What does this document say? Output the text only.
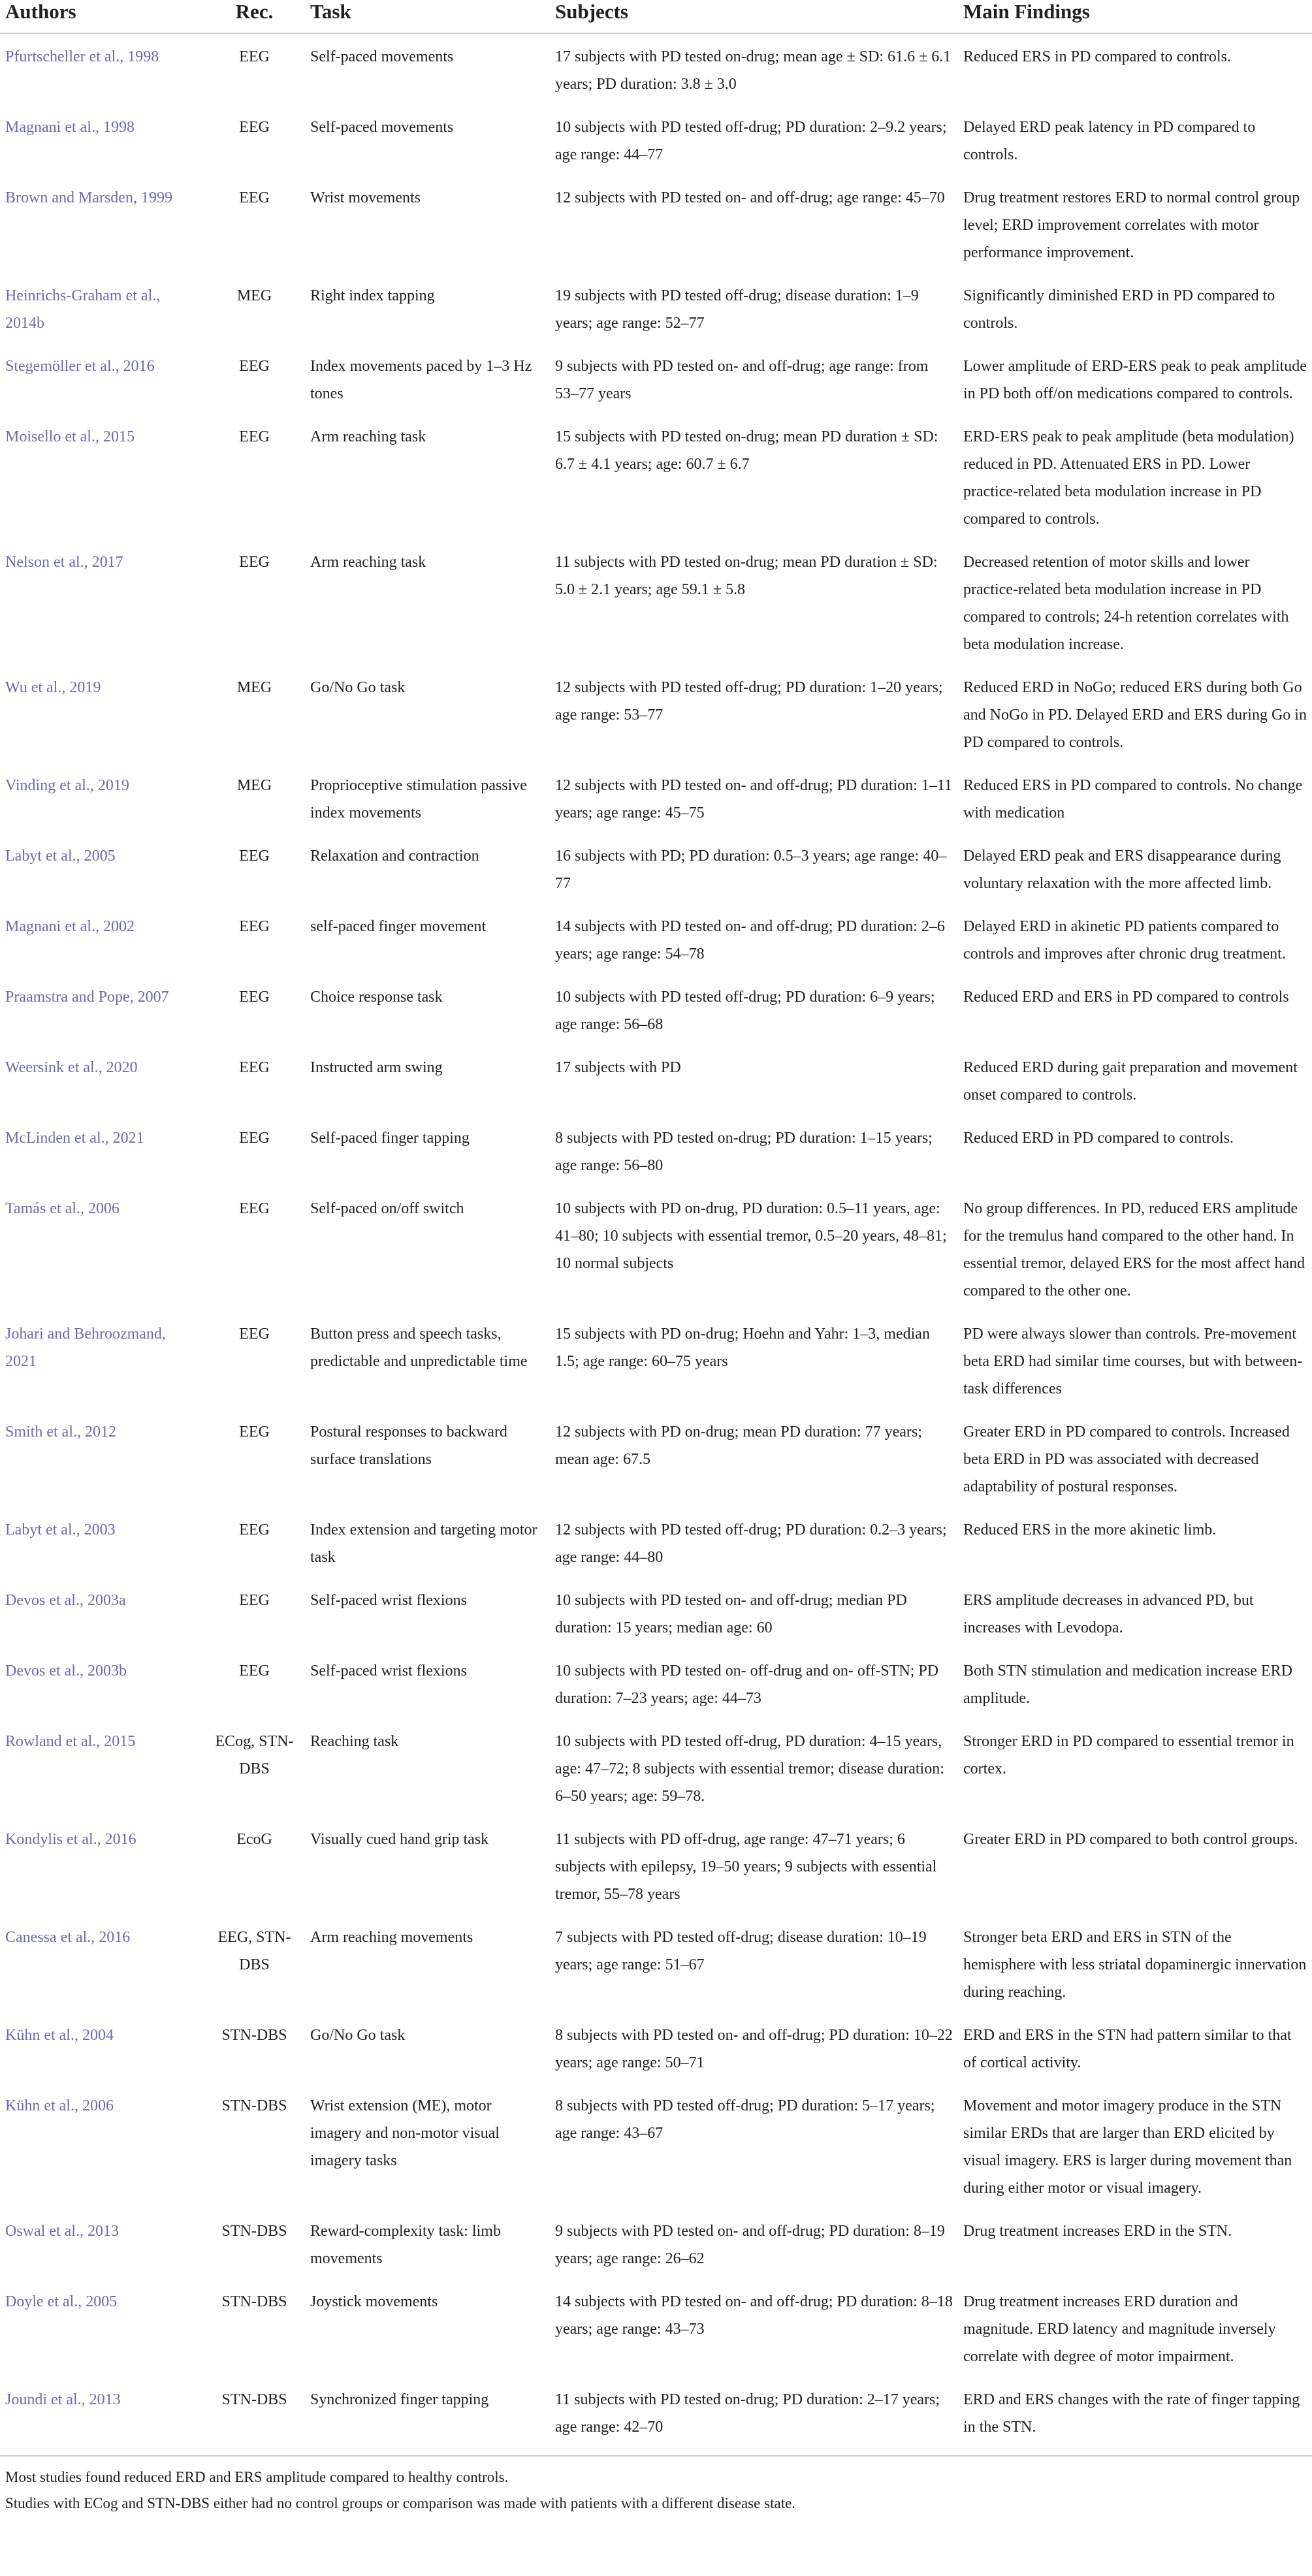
Authors	Rec.	Task	Subjects	Main Findings
Pfurtscheller et al., 1998	EEG	Self-paced movements	17 subjects with PD tested on-drug; mean age ± SD: 61.6 ± 6.1 years; PD duration: 3.8 ± 3.0	Reduced ERS in PD compared to controls.
Magnani et al., 1998	EEG	Self-paced movements	10 subjects with PD tested off-drug; PD duration: 2–9.2 years; age range: 44–77	Delayed ERD peak latency in PD compared to controls.
Brown and Marsden, 1999	EEG	Wrist movements	12 subjects with PD tested on- and off-drug; age range: 45–70	Drug treatment restores ERD to normal control group level; ERD improvement correlates with motor performance improvement.
Heinrichs-Graham et al., 2014b	MEG	Right index tapping	19 subjects with PD tested off-drug; disease duration: 1–9 years; age range: 52–77	Significantly diminished ERD in PD compared to controls.
Stegemöller et al., 2016	EEG	Index movements paced by 1–3 Hz tones	9 subjects with PD tested on- and off-drug; age range: from 53–77 years	Lower amplitude of ERD-ERS peak to peak amplitude in PD both off/on medications compared to controls.
Moisello et al., 2015	EEG	Arm reaching task	15 subjects with PD tested on-drug; mean PD duration ± SD: 6.7 ± 4.1 years; age: 60.7 ± 6.7	ERD-ERS peak to peak amplitude (beta modulation) reduced in PD. Attenuated ERS in PD. Lower practice-related beta modulation increase in PD compared to controls.
Nelson et al., 2017	EEG	Arm reaching task	11 subjects with PD tested on-drug; mean PD duration ± SD: 5.0 ± 2.1 years; age 59.1 ± 5.8	Decreased retention of motor skills and lower practice-related beta modulation increase in PD compared to controls; 24-h retention correlates with beta modulation increase.
Wu et al., 2019	MEG	Go/No Go task	12 subjects with PD tested off-drug; PD duration: 1–20 years; age range: 53–77	Reduced ERD in NoGo; reduced ERS during both Go and NoGo in PD. Delayed ERD and ERS during Go in PD compared to controls.
Vinding et al., 2019	MEG	Proprioceptive stimulation passive index movements	12 subjects with PD tested on- and off-drug; PD duration: 1–11 years; age range: 45–75	Reduced ERS in PD compared to controls. No change with medication
Labyt et al., 2005	EEG	Relaxation and contraction	16 subjects with PD; PD duration: 0.5–3 years; age range: 40–77	Delayed ERD peak and ERS disappearance during voluntary relaxation with the more affected limb.
Magnani et al., 2002	EEG	self-paced finger movement	14 subjects with PD tested on- and off-drug; PD duration: 2–6 years; age range: 54–78	Delayed ERD in akinetic PD patients compared to controls and improves after chronic drug treatment.
Praamstra and Pope, 2007	EEG	Choice response task	10 subjects with PD tested off-drug; PD duration: 6–9 years; age range: 56–68	Reduced ERD and ERS in PD compared to controls
Weersink et al., 2020	EEG	Instructed arm swing	17 subjects with PD	Reduced ERD during gait preparation and movement onset compared to controls.
McLinden et al., 2021	EEG	Self-paced finger tapping	8 subjects with PD tested on-drug; PD duration: 1–15 years; age range: 56–80	Reduced ERD in PD compared to controls.
Tamás et al., 2006	EEG	Self-paced on/off switch	10 subjects with PD on-drug, PD duration: 0.5–11 years, age: 41–80; 10 subjects with essential tremor, 0.5–20 years, 48–81; 10 normal subjects	No group differences. In PD, reduced ERS amplitude for the tremulus hand compared to the other hand. In essential tremor, delayed ERS for the most affect hand compared to the other one.
Johari and Behroozmand, 2021	EEG	Button press and speech tasks, predictable and unpredictable time	15 subjects with PD on-drug; Hoehn and Yahr: 1–3, median 1.5; age range: 60–75 years	PD were always slower than controls. Pre-movement beta ERD had similar time courses, but with between-task differences
Smith et al., 2012	EEG	Postural responses to backward surface translations	12 subjects with PD on-drug; mean PD duration: 77 years; mean age: 67.5	Greater ERD in PD compared to controls. Increased beta ERD in PD was associated with decreased adaptability of postural responses.
Labyt et al., 2003	EEG	Index extension and targeting motor task	12 subjects with PD tested off-drug; PD duration: 0.2–3 years; age range: 44–80	Reduced ERS in the more akinetic limb.
Devos et al., 2003a	EEG	Self-paced wrist flexions	10 subjects with PD tested on- and off-drug; median PD duration: 15 years; median age: 60	ERS amplitude decreases in advanced PD, but increases with Levodopa.
Devos et al., 2003b	EEG	Self-paced wrist flexions	10 subjects with PD tested on- off-drug and on- off-STN; PD duration: 7–23 years; age: 44–73	Both STN stimulation and medication increase ERD amplitude.
Rowland et al., 2015	ECog, STN-DBS	Reaching task	10 subjects with PD tested off-drug, PD duration: 4–15 years, age: 47–72; 8 subjects with essential tremor; disease duration: 6–50 years; age: 59–78.	Stronger ERD in PD compared to essential tremor in cortex.
Kondylis et al., 2016	EcoG	Visually cued hand grip task	11 subjects with PD off-drug, age range: 47–71 years; 6 subjects with epilepsy, 19–50 years; 9 subjects with essential tremor, 55–78 years	Greater ERD in PD compared to both control groups.
Canessa et al., 2016	EEG, STN-DBS	Arm reaching movements	7 subjects with PD tested off-drug; disease duration: 10–19 years; age range: 51–67	Stronger beta ERD and ERS in STN of the hemisphere with less striatal dopaminergic innervation during reaching.
Kühn et al., 2004	STN-DBS	Go/No Go task	8 subjects with PD tested on- and off-drug; PD duration: 10–22 years; age range: 50–71	ERD and ERS in the STN had pattern similar to that of cortical activity.
Kühn et al., 2006	STN-DBS	Wrist extension (ME), motor imagery and non-motor visual imagery tasks	8 subjects with PD tested off-drug; PD duration: 5–17 years; age range: 43–67	Movement and motor imagery produce in the STN similar ERDs that are larger than ERD elicited by visual imagery. ERS is larger during movement than during either motor or visual imagery.
Oswal et al., 2013	STN-DBS	Reward-complexity task: limb movements	9 subjects with PD tested on- and off-drug; PD duration: 8–19 years; age range: 26–62	Drug treatment increases ERD in the STN.
Doyle et al., 2005	STN-DBS	Joystick movements	14 subjects with PD tested on- and off-drug; PD duration: 8–18 years; age range: 43–73	Drug treatment increases ERD duration and magnitude. ERD latency and magnitude inversely correlate with degree of motor impairment.
Joundi et al., 2013	STN-DBS	Synchronized finger tapping	11 subjects with PD tested on-drug; PD duration: 2–17 years; age range: 42–70	ERD and ERS changes with the rate of finger tapping in the STN.

Most studies found reduced ERD and ERS amplitude compared to healthy controls.

Studies with ECog and STN-DBS either had no control groups or comparison was made with patients with a different disease state.
